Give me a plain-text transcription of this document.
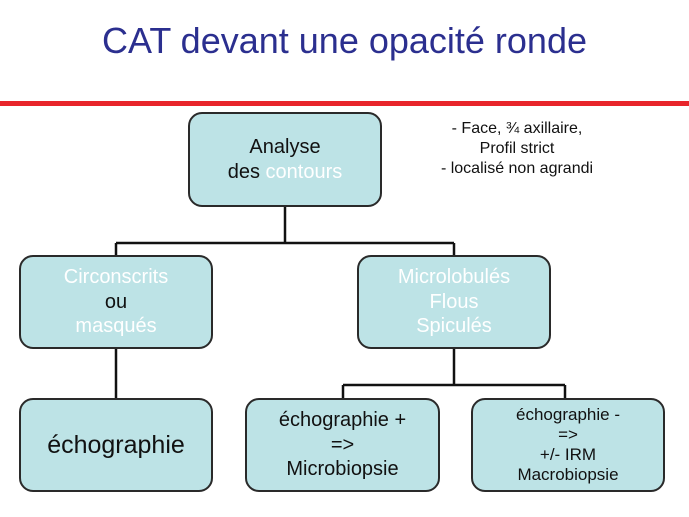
CAT devant une opacité ronde
Analyse
des contours
- Face, ¾ axillaire,
Profil strict
- localisé non agrandi
Circonscrits
ou
masqués
Microlobulés
Flous
Spiculés
échographie
échographie +
=>
Microbiopsie
échographie -
=>
+/- IRM
Macrobiopsie
